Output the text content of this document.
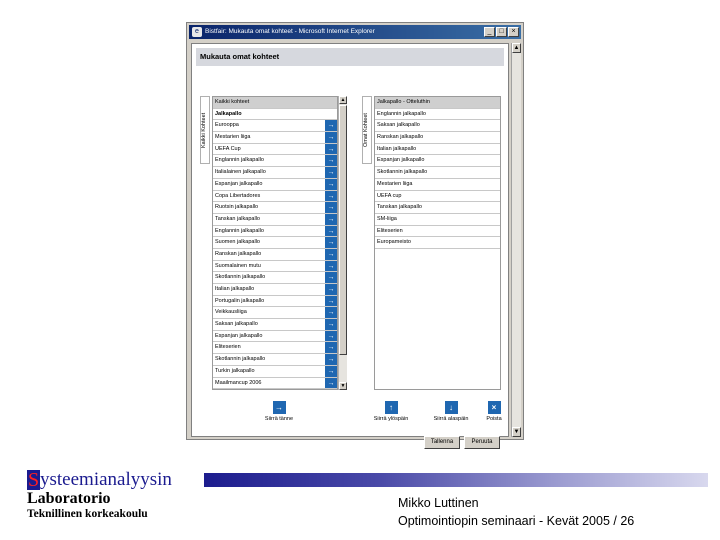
e Bistfair: Mukauta omat kohteet - Microsoft Internet Explorer	_	□	×
Mukauta omat kohteet
Kaikki Kohteet
Kaikki kohteet
Jalkapallo
Eurooppa	→
Mestarien liiga	→
UEFA Cup	→
Englannin jalkapallo	→
Italialainen jalkapallo	→
Espanjan jalkapallo	→
Copa Libertadores	→
Ruotsin jalkapallo	→
Tanskan jalkapallo	→
Englannin jalkapallo	→
Suomen jalkapallo	→
Ranskan jalkapallo	→
Suomalainen mutu	→
Skotlannin jalkapallo	→
Italian jalkapallo	→
Portugalin jalkapallo	→
Veikkausliiga	→
Saksan jalkapallo	→
Espanjan jalkapallo	→
Eliteserien	→
Skotlannin jalkapallo	→
Turkin jalkapallo	→
Maailmancup 2006	→
▲
▼
Omat Kohteet
Jalkapallo - Otteluthin
Englannin jalkapallo
Saksan jalkapallo
Ranskan jalkapallo
Italian jalkapallo
Espanjan jalkapallo
Skotlannin jalkapallo
Mestarien liiga
UEFA cup
Tanskan jalkapallo
SM-liiga
Eliteserien
Europameisto
→
Siirrä tänne
↑
Siirrä ylöspäin
↓
Siirrä alaspäin
×
Poista
Tallenna	Peruuta
▲
▼
S ysteemianalyysin
Laboratorio
Teknillinen korkeakoulu
Mikko Luttinen
Optimointiopin seminaari - Kevät 2005 / 26
